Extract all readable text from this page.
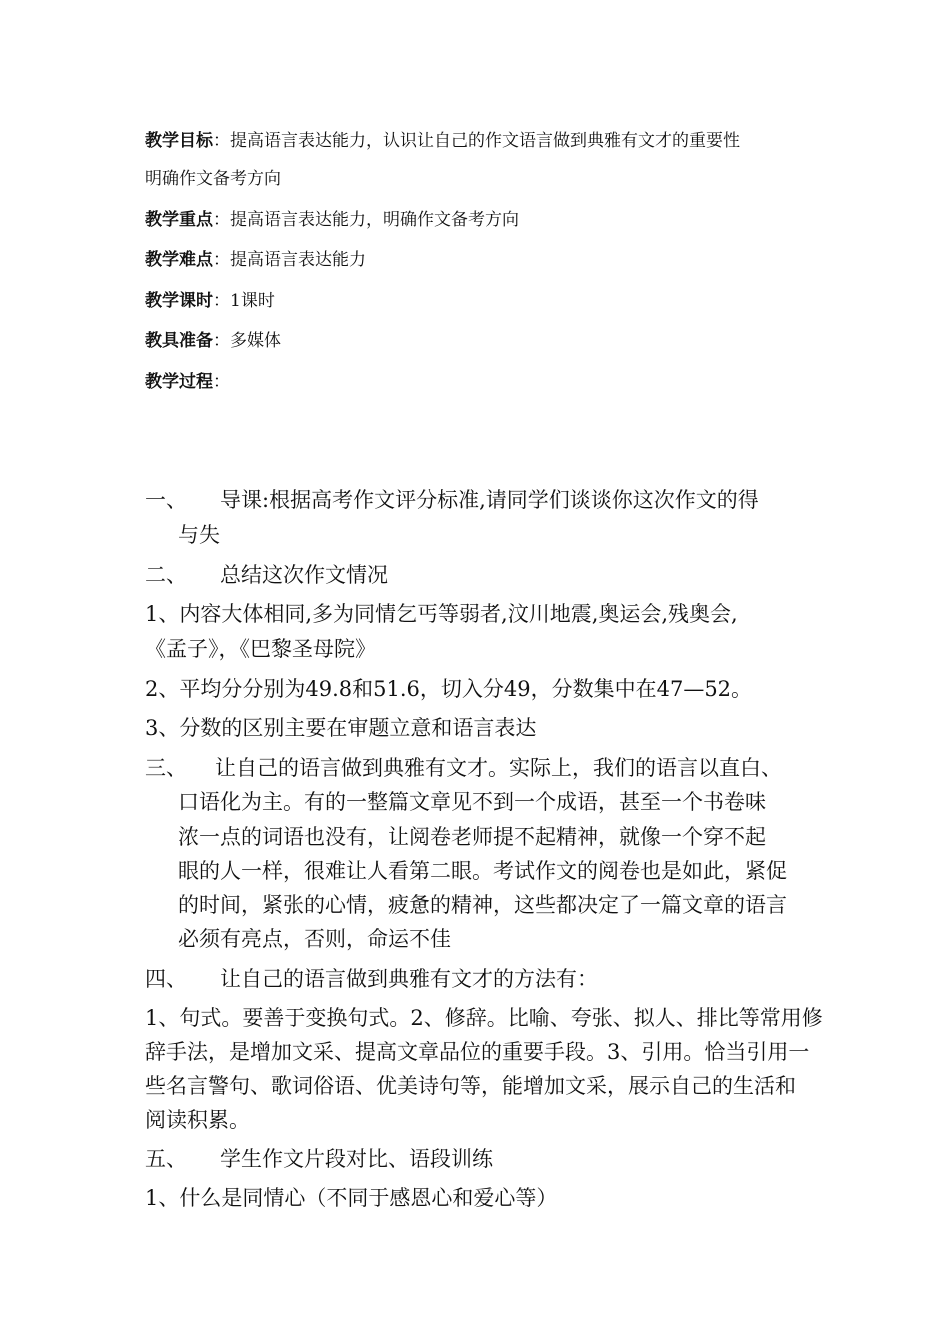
教学目标：提高语言表达能力，认识让自己的作文语言做到典雅有文才的重要性
明确作文备考方向
教学重点：提高语言表达能力，明确作文备考方向
教学难点：提高语言表达能力
教学课时：1课时
教具准备：多媒体
教学过程：
一、 导课:根据高考作文评分标准,请同学们谈谈你这次作文的得
与失
二、 总结这次作文情况
1、内容大体相同,多为同情乞丐等弱者,汶川地震,奥运会,残奥会,
《孟子》，《巴黎圣母院》
2、平均分分别为49.8和51.6，切入分49，分数集中在47—52。
3、分数的区别主要在审题立意和语言表达
三、 让自己的语言做到典雅有文才。实际上，我们的语言以直白、
口语化为主。有的一整篇文章见不到一个成语，甚至一个书卷味
浓一点的词语也没有，让阅卷老师提不起精神，就像一个穿不起
眼的人一样，很难让人看第二眼。考试作文的阅卷也是如此，紧促
的时间，紧张的心情，疲惫的精神，这些都决定了一篇文章的语言
必须有亮点，否则，命运不佳
四、 让自己的语言做到典雅有文才的方法有：
1、句式。要善于变换句式。2、修辞。比喻、夸张、拟人、排比等常用修
辞手法，是增加文采、提高文章品位的重要手段。3、引用。恰当引用一
些名言警句、歌词俗语、优美诗句等，能增加文采，展示自己的生活和
阅读积累。
五、 学生作文片段对比、语段训练
1、什么是同情心（不同于感恩心和爱心等）
